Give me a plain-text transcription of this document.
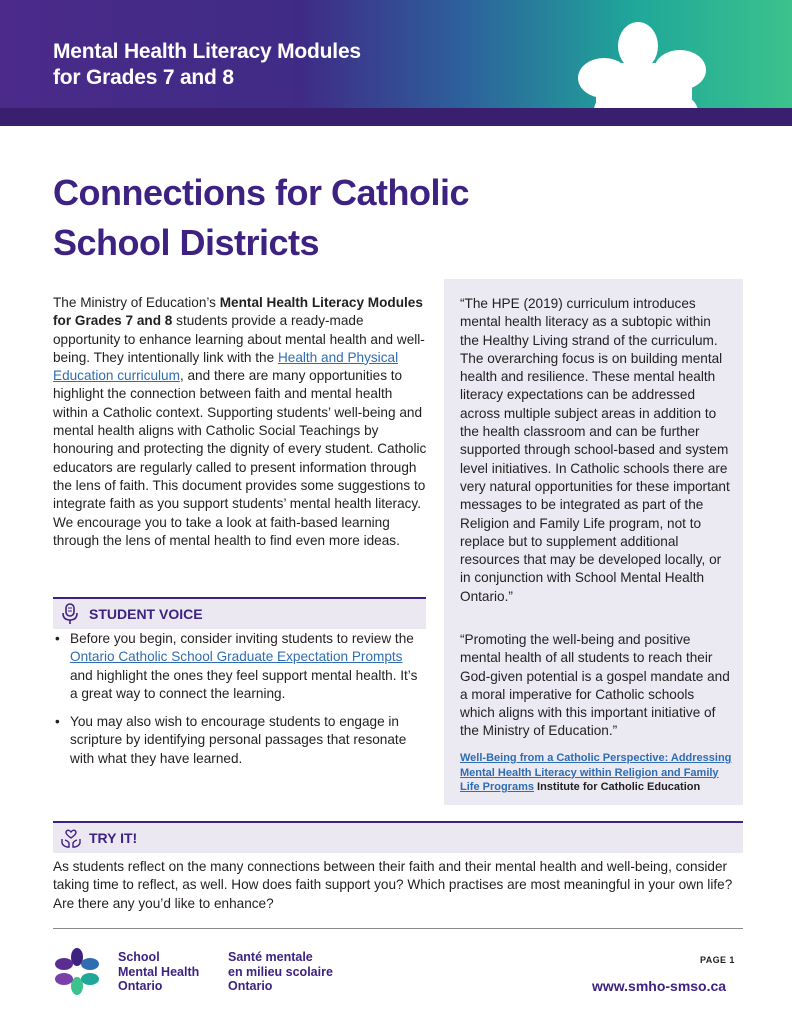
Mental Health Literacy Modules
for Grades 7 and 8
Connections for Catholic
School Districts

The Ministry of Education’s Mental Health Literacy Modules for Grades 7 and 8 students provide a ready-made opportunity to enhance learning about mental health and well-being. They intentionally link with the Health and Physical Education curriculum, and there are many opportunities to highlight the connection between faith and mental health within a Catholic context. Supporting students’ well-being and mental health aligns with Catholic Social Teachings by honouring and protecting the dignity of every student. Catholic educators are regularly called to present information through the lens of faith. This document provides some suggestions to integrate faith as you support students’ mental health literacy. We encourage you to take a look at faith-based learning through the lens of mental health to find even more ideas.

STUDENT VOICE
• Before you begin, consider inviting students to review the Ontario Catholic School Graduate Expectation Prompts and highlight the ones they feel support mental health. It’s a great way to connect the learning.
• You may also wish to encourage students to engage in scripture by identifying personal passages that resonate with what they have learned.

“The HPE (2019) curriculum introduces mental health literacy as a subtopic within the Healthy Living strand of the curriculum. The overarching focus is on building mental health and resilience. These mental health literacy expectations can be addressed across multiple subject areas in addition to the health classroom and can be further supported through school-based and system level initiatives. In Catholic schools there are very natural opportunities for these important messages to be integrated as part of the Religion and Family Life program, not to replace but to supplement additional resources that may be developed locally, or in conjunction with School Mental Health Ontario.”

“Promoting the well-being and positive mental health of all students to reach their God-given potential is a gospel mandate and a moral imperative for Catholic schools which aligns with this important initiative of the Ministry of Education.”

Well-Being from a Catholic Perspective: Addressing Mental Health Literacy within Religion and Family Life Programs Institute for Catholic Education
TRY IT!

As students reflect on the many connections between their faith and their mental health and well-being, consider taking time to reflect, as well. How does faith support you? Which practises are most meaningful in your own life? Are there any you’d like to enhance?

School
Mental Health
Ontario
Santé mentale
en milieu scolaire
Ontario
PAGE 1
www.smho-smso.ca
